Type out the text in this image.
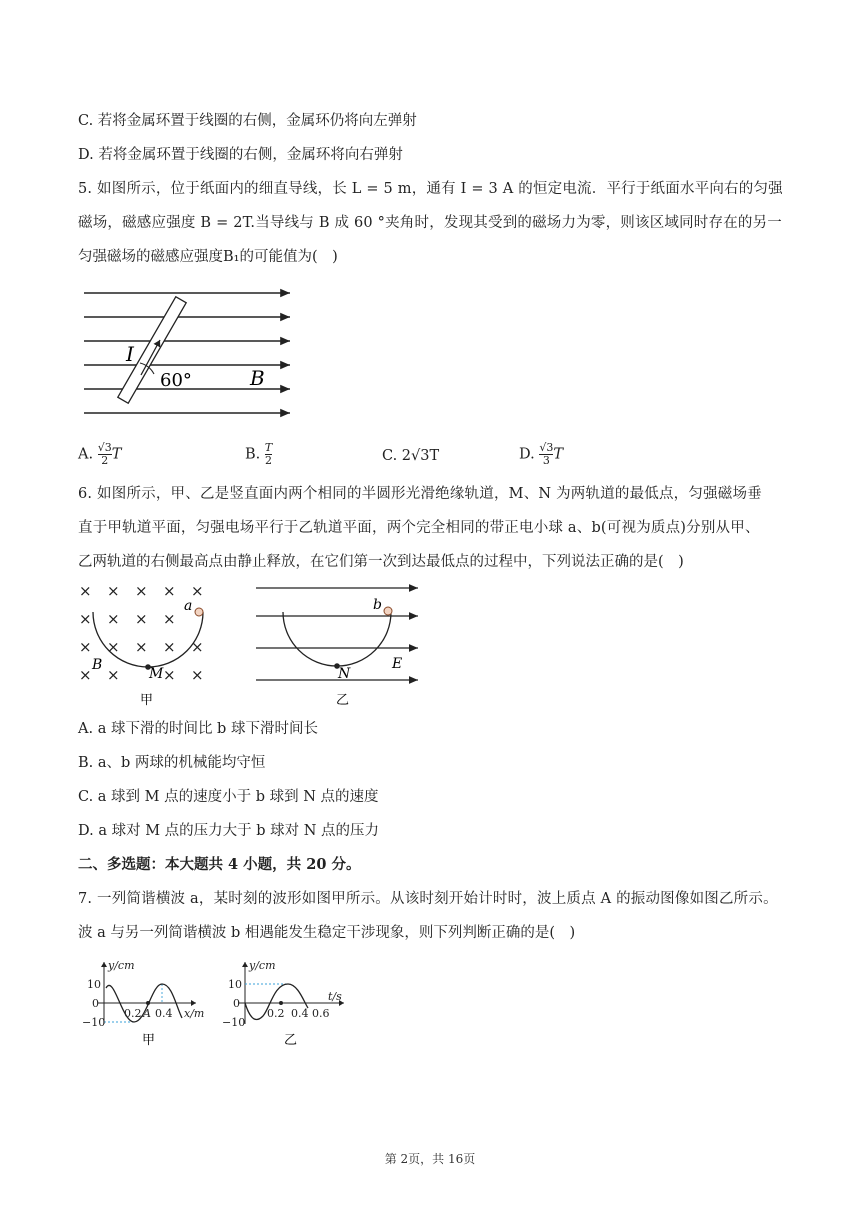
C. 若将金属环置于线圈的右侧，金属环仍将向左弹射
D. 若将金属环置于线圈的右侧，金属环将向右弹射
5. 如图所示，位于纸面内的细直导线，长 L = 5 m，通有 I = 3 A 的恒定电流．平行于纸面水平向右的匀强
磁场，磁感应强度 B = 2T.当导线与 B 成 60 °夹角时，发现其受到的磁场力为零，则该区域同时存在的另一
匀强磁场的磁感应强度B₁的可能值为(　)
I
60°	B
A. $\frac{√3}{2}$ T	B. $\frac{T}{2}$	C. 2√3T	D. $\frac{√3}{3}$ T
6. 如图所示，甲、乙是竖直面内两个相同的半圆形光滑绝缘轨道，M、N 为两轨道的最低点，匀强磁场垂
直于甲轨道平面，匀强电场平行于乙轨道平面，两个完全相同的带正电小球 a、b(可视为质点)分别从甲、
乙两轨道的右侧最高点由静止释放，在它们第一次到达最低点的过程中，下列说法正确的是(　)
× × × × ×
× × × ×
× × × × ×
× ×	× ×
a
B
M
甲
b
N
E
乙
A. a 球下滑的时间比 b 球下滑时间长
B. a、b 两球的机械能均守恒
C. a 球到 M 点的速度小于 b 球到 N 点的速度
D. a 球对 M 点的压力大于 b 球对 N 点的压力
二、多选题：本大题共 4 小题，共 20 分。
7. 一列简谐横波 a，某时刻的波形如图甲所示。从该时刻开始计时时，波上质点 A 的振动图像如图乙所示。
波 a 与另一列简谐横波 b 相遇能发生稳定干涉现象，则下列判断正确的是(　)
y/cm
10
0
−10
0.2 A 0.4 x/m
甲
y/cm
10
0
−10
t/s
0.2 0.4 0.6
乙
第 2页，共 16页
